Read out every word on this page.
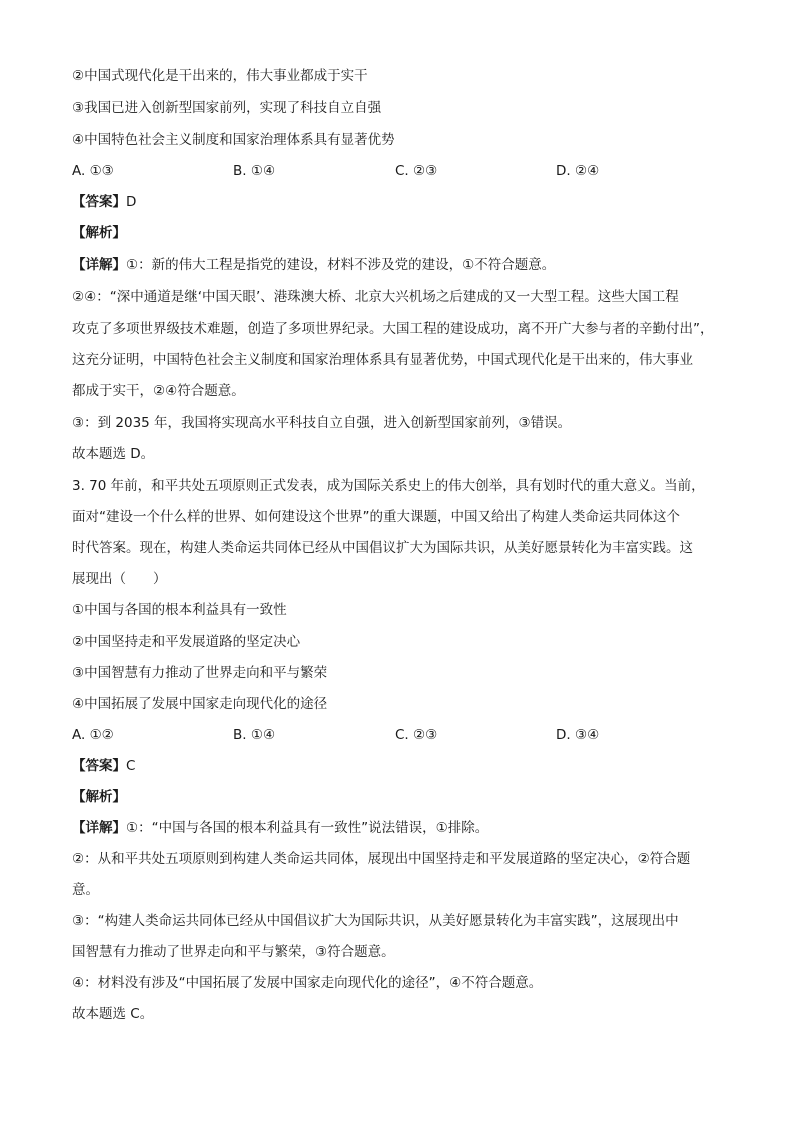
②中国式现代化是干出来的，伟大事业都成于实干
③我国已进入创新型国家前列，实现了科技自立自强
④中国特色社会主义制度和国家治理体系具有显著优势
A. ①③	B. ①④	C. ②③	D. ②④
【答案】D
【解析】
【详解】①：新的伟大工程是指党的建设，材料不涉及党的建设，①不符合题意。
②④：“深中通道是继‘中国天眼’、港珠澳大桥、北京大兴机场之后建成的又一大型工程。这些大国工程
攻克了多项世界级技术难题，创造了多项世界纪录。大国工程的建设成功，离不开广大参与者的辛勤付出”，
这充分证明，中国特色社会主义制度和国家治理体系具有显著优势，中国式现代化是干出来的，伟大事业
都成于实干，②④符合题意。
③：到 2035 年，我国将实现高水平科技自立自强，进入创新型国家前列，③错误。
故本题选 D。
3. 70 年前，和平共处五项原则正式发表，成为国际关系史上的伟大创举，具有划时代的重大意义。当前，
面对“建设一个什么样的世界、如何建设这个世界”的重大课题，中国又给出了构建人类命运共同体这个
时代答案。现在，构建人类命运共同体已经从中国倡议扩大为国际共识，从美好愿景转化为丰富实践。这
展现出（　　）
①中国与各国的根本利益具有一致性
②中国坚持走和平发展道路的坚定决心
③中国智慧有力推动了世界走向和平与繁荣
④中国拓展了发展中国家走向现代化的途径
A. ①②	B. ①④	C. ②③	D. ③④
【答案】C
【解析】
【详解】①：“中国与各国的根本利益具有一致性”说法错误，①排除。
②：从和平共处五项原则到构建人类命运共同体，展现出中国坚持走和平发展道路的坚定决心，②符合题
意。
③：“构建人类命运共同体已经从中国倡议扩大为国际共识，从美好愿景转化为丰富实践”，这展现出中
国智慧有力推动了世界走向和平与繁荣，③符合题意。
④：材料没有涉及“中国拓展了发展中国家走向现代化的途径”，④不符合题意。
故本题选 C。
